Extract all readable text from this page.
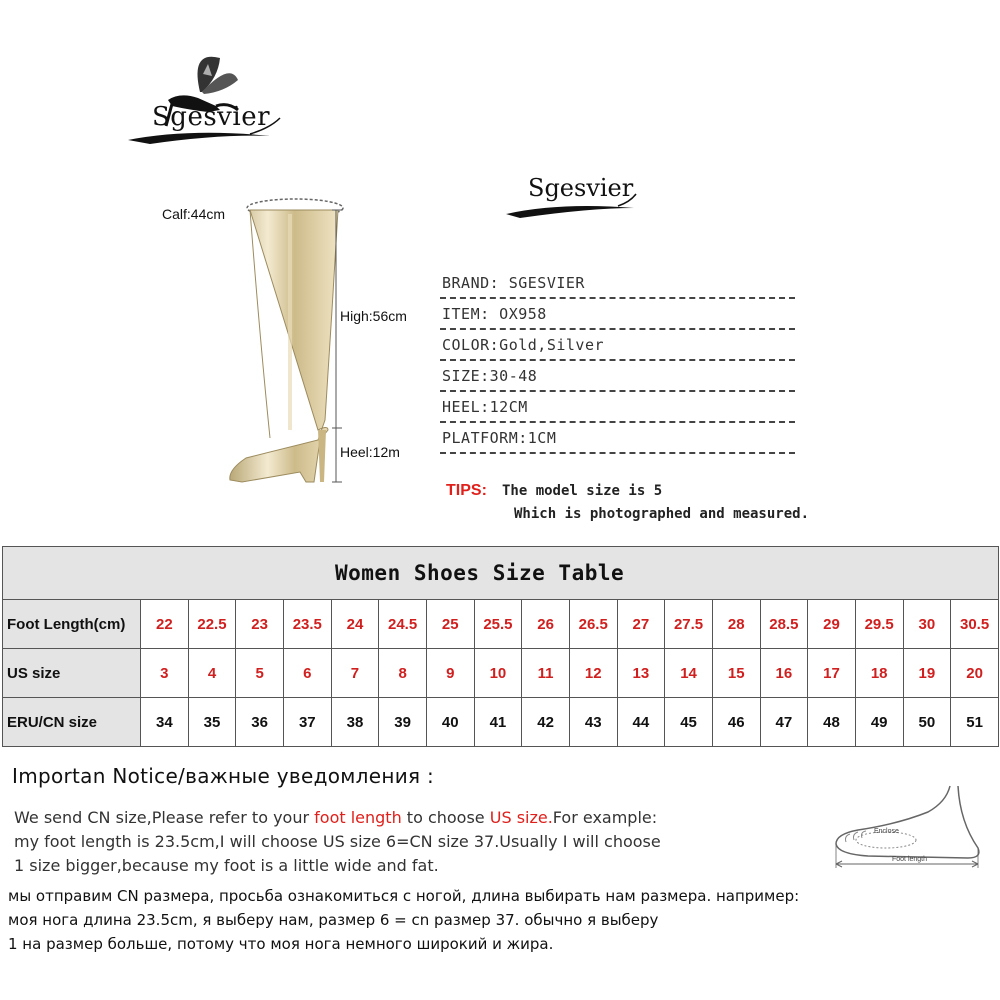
Sgesvier
Sgesvier
Calf:44cm
High:56cm
Heel:12m
BRAND: SGESVIER
ITEM: OX958
COLOR:Gold,Silver
SIZE:30-48
HEEL:12CM
PLATFORM:1CM
TIPS: The model size is 5
Which is photographed and measured.
Women Shoes Size Table																		
Foot Length(cm)	22	22.5	23	23.5	24	24.5	25	25.5	26	26.5	27	27.5	28	28.5	29	29.5	30	30.5
US size	3	4	5	6	7	8	9	10	11	12	13	14	15	16	17	18	19	20
ERU/CN size	34	35	36	37	38	39	40	41	42	43	44	45	46	47	48	49	50	51
Importan Notice/важные уведомления :
We send CN size,Please refer to your foot length to choose US size.For example:
my foot length is 23.5cm,I will choose US size 6=CN size 37.Usually I will choose
1 size bigger,because my foot is a little wide and fat.
мы отправим CN размера, просьба ознакомиться с ногой, длина выбирать нам размера. например:
моя нога длина 23.5cm, я выберу нам, размер 6 = cn размер 37. обычно я выберу
1 на размер больше, потому что моя нога немного широкий и жира.
Enclose
Foot length
